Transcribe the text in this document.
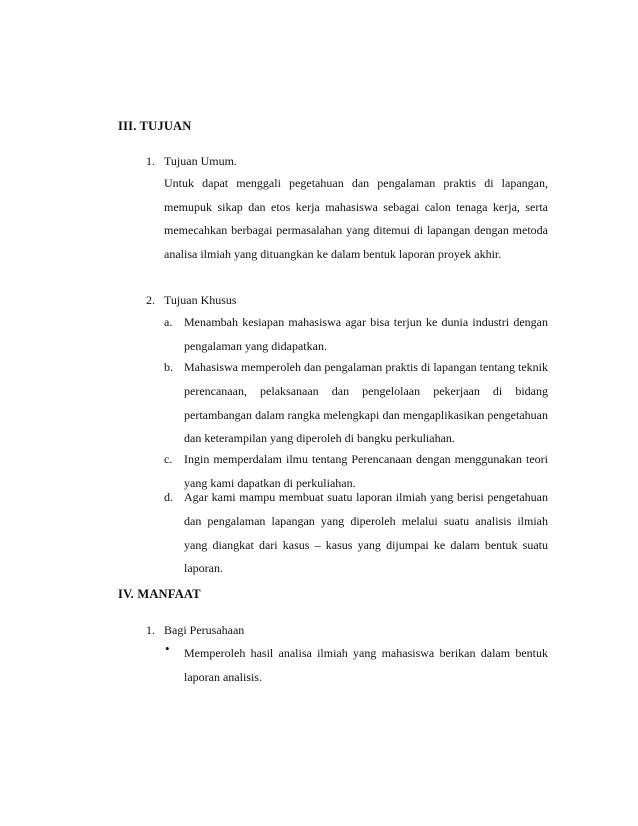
III. TUJUAN
1. Tujuan Umum.
Untuk dapat menggali pegetahuan dan pengalaman praktis di lapangan, memupuk sikap dan etos kerja mahasiswa sebagai calon tenaga kerja, serta memecahkan berbagai permasalahan yang ditemui di lapangan dengan metoda analisa ilmiah yang dituangkan ke dalam bentuk laporan proyek akhir.
2. Tujuan Khusus
a. Menambah kesiapan mahasiswa agar bisa terjun ke dunia industri dengan pengalaman yang didapatkan.
b. Mahasiswa memperoleh dan pengalaman praktis di lapangan tentang teknik perencanaan, pelaksanaan dan pengelolaan pekerjaan di bidang pertambangan dalam rangka melengkapi dan mengaplikasikan pengetahuan dan keterampilan yang diperoleh di bangku perkuliahan.
c. Ingin memperdalam ilmu tentang Perencanaan dengan menggunakan teori yang kami dapatkan di perkuliahan.
d. Agar kami mampu membuat suatu laporan ilmiah yang berisi pengetahuan dan pengalaman lapangan yang diperoleh melalui suatu analisis ilmiah yang diangkat dari kasus – kasus yang dijumpai ke dalam bentuk suatu laporan.
IV. MANFAAT
1. Bagi Perusahaan
• Memperoleh hasil analisa ilmiah yang mahasiswa berikan dalam bentuk laporan analisis.
